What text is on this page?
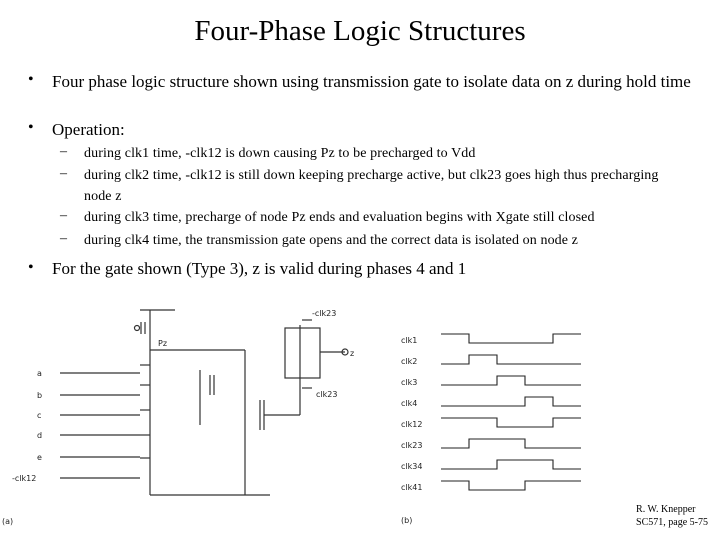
Four-Phase Logic Structures
• Four phase logic structure shown using transmission gate to isolate data on z during hold time
• Operation:
– during clk1 time, -clk12 is down causing Pz to be precharged to Vdd
– during clk2 time, -clk12 is still down keeping precharge active, but clk23 goes high thus precharging node z
– during clk3 time, precharge of node Pz ends and evaluation begins with Xgate still closed
– during clk4 time, the transmission gate opens and the correct data is isolated on node z
• For the gate shown (Type 3), z is valid during phases 4 and 1
a
b
c
d
e
-clk12
Pz
z
-clk23
clk23
(a)
clk1
clk2
clk3
clk4
clk12
clk23
clk34
clk41
(b)
R. W. Knepper
SC571, page 5-75
